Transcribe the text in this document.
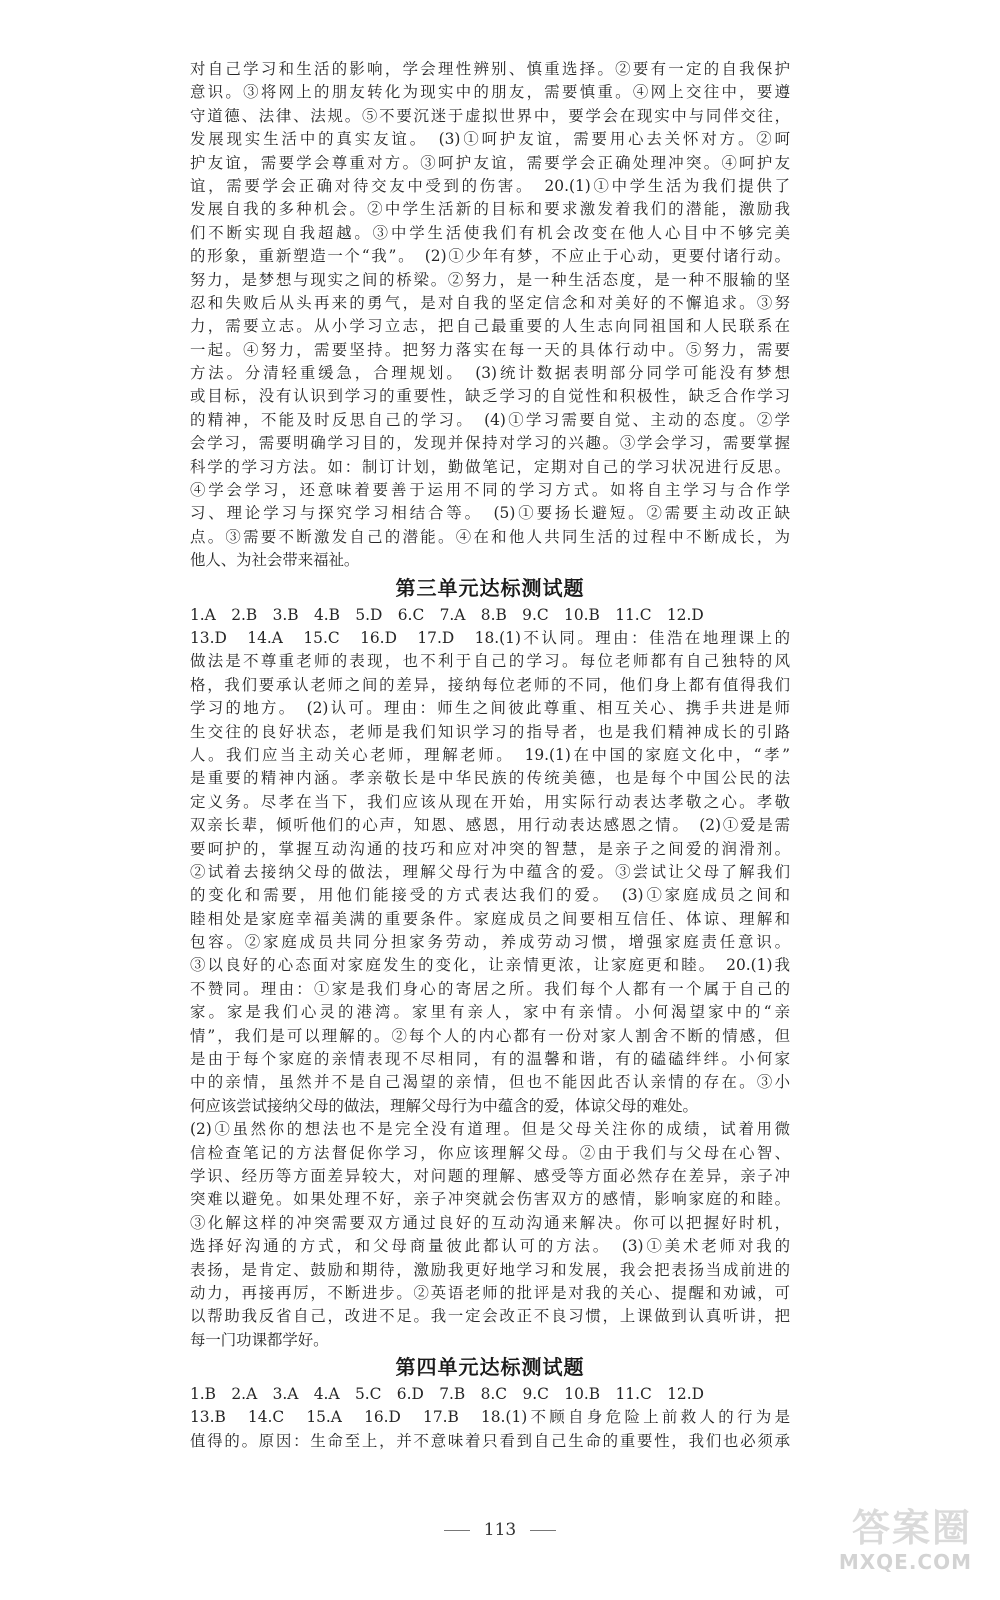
对自己学习和生活的影响，学会理性辨别、慎重选择。②要有一定的自我保护
意识。③将网上的朋友转化为现实中的朋友，需要慎重。④网上交往中，要遵
守道德、法律、法规。⑤不要沉迷于虚拟世界中，要学会在现实中与同伴交往，
发展现实生活中的真实友谊。　(3)①呵护友谊，需要用心去关怀对方。②呵
护友谊，需要学会尊重对方。③呵护友谊，需要学会正确处理冲突。④呵护友
谊，需要学会正确对待交友中受到的伤害。　20.(1)①中学生活为我们提供了
发展自我的多种机会。②中学生活新的目标和要求激发着我们的潜能，激励我
们不断实现自我超越。③中学生活使我们有机会改变在他人心目中不够完美
的形象，重新塑造一个“我”。　(2)①少年有梦，不应止于心动，更要付诸行动。
努力，是梦想与现实之间的桥梁。②努力，是一种生活态度，是一种不服输的坚
忍和失败后从头再来的勇气，是对自我的坚定信念和对美好的不懈追求。③努
力，需要立志。从小学习立志，把自己最重要的人生志向同祖国和人民联系在
一起。④努力，需要坚持。把努力落实在每一天的具体行动中。⑤努力，需要
方法。分清轻重缓急，合理规划。　(3)统计数据表明部分同学可能没有梦想
或目标，没有认识到学习的重要性，缺乏学习的自觉性和积极性，缺乏合作学习
的精神，不能及时反思自己的学习。　(4)①学习需要自觉、主动的态度。②学
会学习，需要明确学习目的，发现并保持对学习的兴趣。③学会学习，需要掌握
科学的学习方法。如：制订计划，勤做笔记，定期对自己的学习状况进行反思。
④学会学习，还意味着要善于运用不同的学习方式。如将自主学习与合作学
习、理论学习与探究学习相结合等。　(5)①要扬长避短。②需要主动改正缺
点。③需要不断激发自己的潜能。④在和他人共同生活的过程中不断成长，为
他人、为社会带来福祉。
第三单元达标测试题
1.A　2.B　3.B　4.B　5.D　6.C　7.A　8.B　9.C　10.B　11.C　12.D
13.D　14.A　15.C　16.D　17.D　18.(1)不认同。理由：佳浩在地理课上的
做法是不尊重老师的表现，也不利于自己的学习。每位老师都有自己独特的风
格，我们要承认老师之间的差异，接纳每位老师的不同，他们身上都有值得我们
学习的地方。　(2)认可。理由：师生之间彼此尊重、相互关心、携手共进是师
生交往的良好状态，老师是我们知识学习的指导者，也是我们精神成长的引路
人。我们应当主动关心老师，理解老师。　19.(1)在中国的家庭文化中，“孝”
是重要的精神内涵。孝亲敬长是中华民族的传统美德，也是每个中国公民的法
定义务。尽孝在当下，我们应该从现在开始，用实际行动表达孝敬之心。孝敬
双亲长辈，倾听他们的心声，知恩、感恩，用行动表达感恩之情。　(2)①爱是需
要呵护的，掌握互动沟通的技巧和应对冲突的智慧，是亲子之间爱的润滑剂。
②试着去接纳父母的做法，理解父母行为中蕴含的爱。③尝试让父母了解我们
的变化和需要，用他们能接受的方式表达我们的爱。　(3)①家庭成员之间和
睦相处是家庭幸福美满的重要条件。家庭成员之间要相互信任、体谅、理解和
包容。②家庭成员共同分担家务劳动，养成劳动习惯，增强家庭责任意识。
③以良好的心态面对家庭发生的变化，让亲情更浓，让家庭更和睦。　20.(1)我
不赞同。理由：①家是我们身心的寄居之所。我们每个人都有一个属于自己的
家。家是我们心灵的港湾。家里有亲人，家中有亲情。小何渴望家中的“亲
情”，我们是可以理解的。②每个人的内心都有一份对家人割舍不断的情感，但
是由于每个家庭的亲情表现不尽相同，有的温馨和谐，有的磕磕绊绊。小何家
中的亲情，虽然并不是自己渴望的亲情，但也不能因此否认亲情的存在。③小
何应该尝试接纳父母的做法，理解父母行为中蕴含的爱，体谅父母的难处。
(2)①虽然你的想法也不是完全没有道理。但是父母关注你的成绩，试着用微
信检查笔记的方法督促你学习，你应该理解父母。②由于我们与父母在心智、
学识、经历等方面差异较大，对问题的理解、感受等方面必然存在差异，亲子冲
突难以避免。如果处理不好，亲子冲突就会伤害双方的感情，影响家庭的和睦。
③化解这样的冲突需要双方通过良好的互动沟通来解决。你可以把握好时机，
选择好沟通的方式，和父母商量彼此都认可的方法。　(3)①美术老师对我的
表扬，是肯定、鼓励和期待，激励我更好地学习和发展，我会把表扬当成前进的
动力，再接再厉，不断进步。②英语老师的批评是对我的关心、提醒和劝诫，可
以帮助我反省自己，改进不足。我一定会改正不良习惯，上课做到认真听讲，把
每一门功课都学好。
第四单元达标测试题
1.B　2.A　3.A　4.A　5.C　6.D　7.B　8.C　9.C　10.B　11.C　12.D
13.B　14.C　15.A　16.D　17.B　18.(1)不顾自身危险上前救人的行为是
值得的。原因：生命至上，并不意味着只看到自己生命的重要性，我们也必须承
113	答案圈
MXQE.COM
